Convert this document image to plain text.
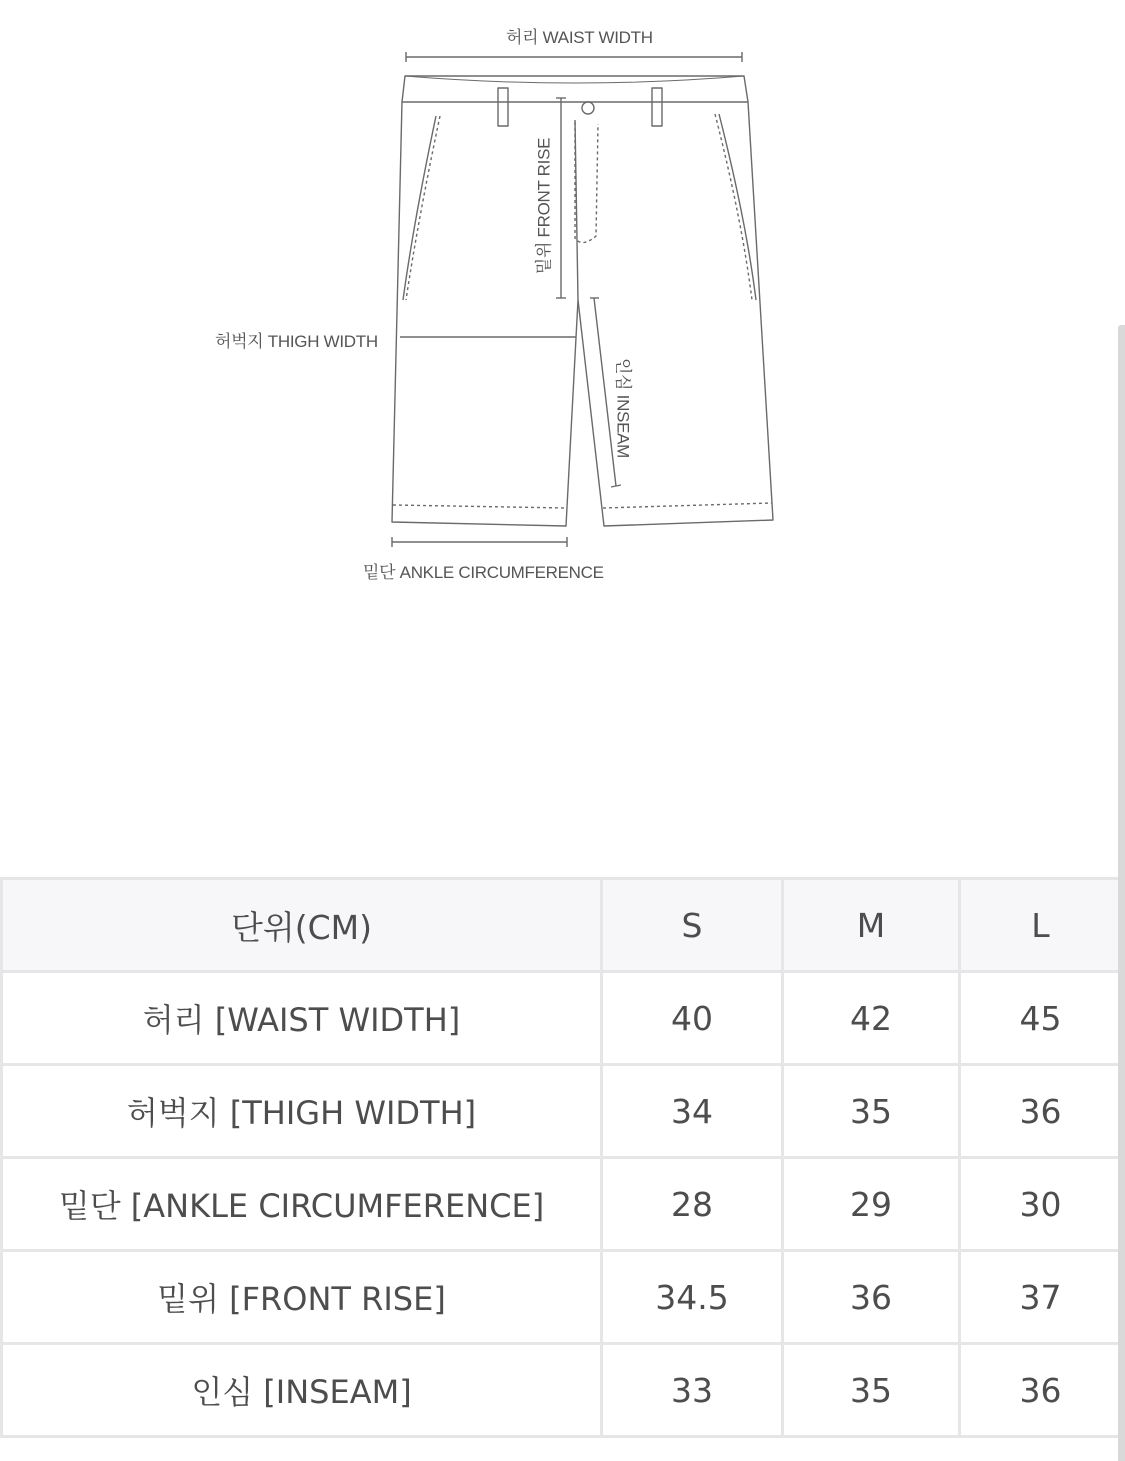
허리 WAIST WIDTH
밑위 FRONT RISE
허벅지 THIGH WIDTH
인심 INSEAM
밑단 ANKLE CIRCUMFERENCE
단위(CM)	S	M	L
허리 [WAIST WIDTH]	40	42	45
허벅지 [THIGH WIDTH]	34	35	36
밑단 [ANKLE CIRCUMFERENCE]	28	29	30
밑위 [FRONT RISE]	34.5	36	37
인심 [INSEAM]	33	35	36
